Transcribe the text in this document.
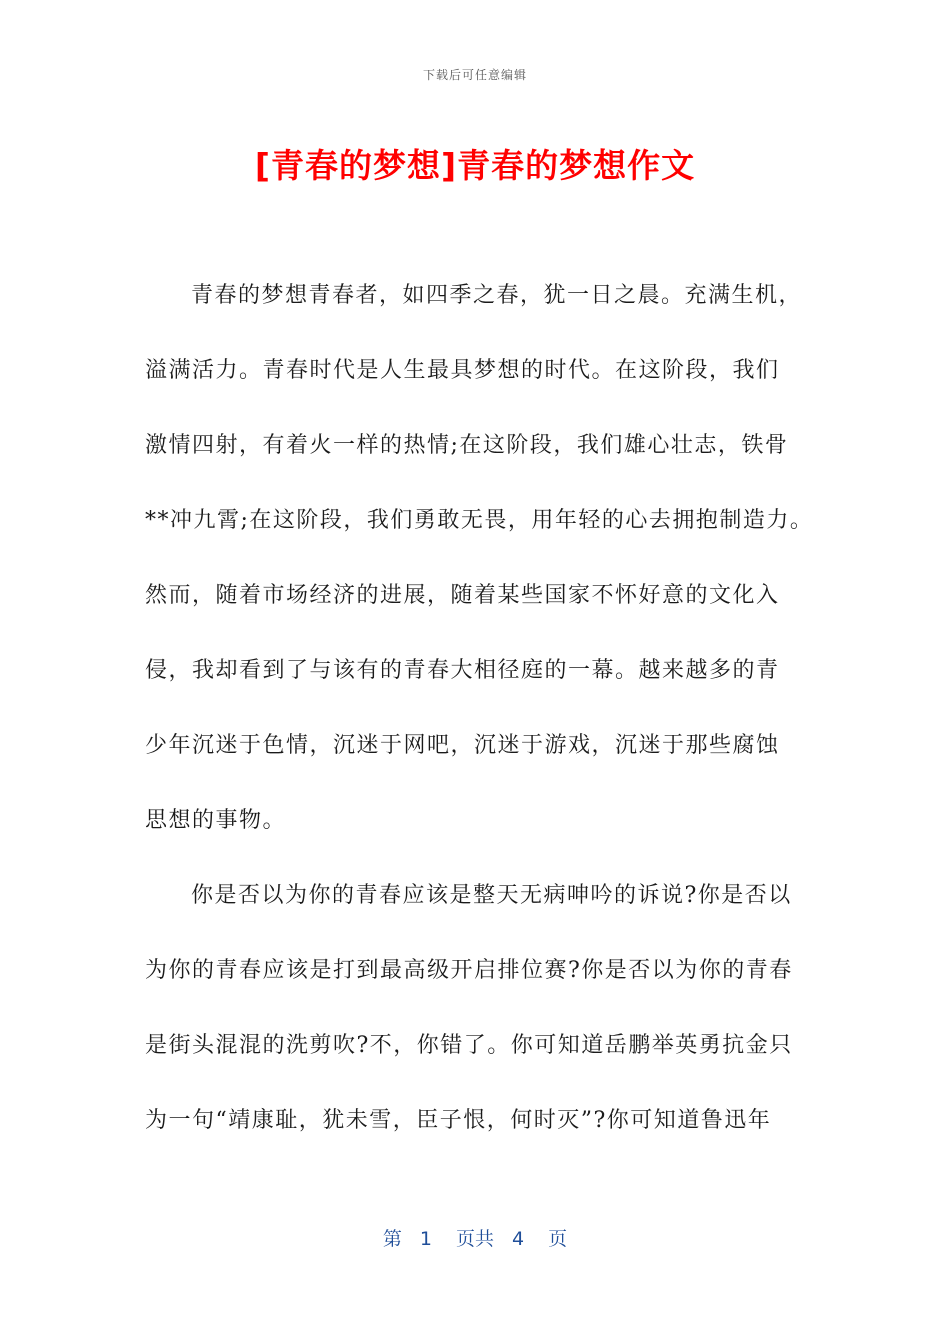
下载后可任意编辑
[青春的梦想]青春的梦想作文
青春的梦想青春者，如四季之春，犹一日之晨。充满生机，
溢满活力。青春时代是人生最具梦想的时代。在这阶段，我们
激情四射，有着火一样的热情;在这阶段，我们雄心壮志，铁骨
**冲九霄;在这阶段，我们勇敢无畏，用年轻的心去拥抱制造力。
然而，随着市场经济的进展，随着某些国家不怀好意的文化入
侵，我却看到了与该有的青春大相径庭的一幕。越来越多的青
少年沉迷于色情，沉迷于网吧，沉迷于游戏，沉迷于那些腐蚀
思想的事物。
你是否以为你的青春应该是整天无病呻吟的诉说?你是否以
为你的青春应该是打到最高级开启排位赛?你是否以为你的青春
是街头混混的洗剪吹?不，你错了。你可知道岳鹏举英勇抗金只
为一句“靖康耻，犹未雪，臣子恨，何时灭”?你可知道鲁迅年
第 1 页共 4 页
